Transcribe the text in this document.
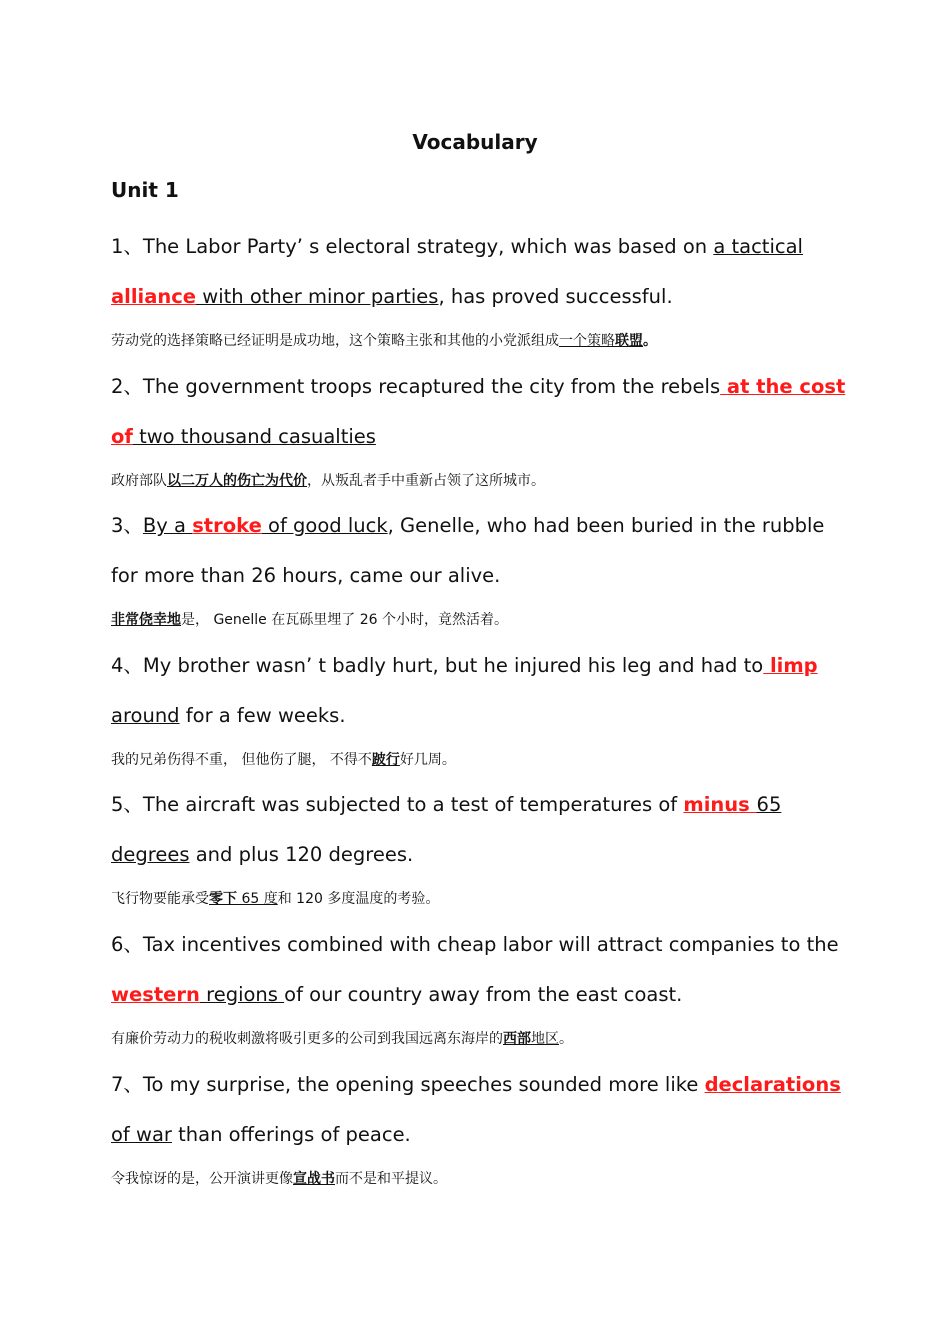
Vocabulary
Unit 1
1、The Labor Party’ s electoral strategy, which was based on a tactical
alliance with other minor parties, has proved successful.
劳动党的选择策略已经证明是成功地，这个策略主张和其他的小党派组成一个策略联盟。
2、The government troops recaptured the city from the rebels at the cost
of two thousand casualties
政府部队以二万人的伤亡为代价，从叛乱者手中重新占领了这所城市。
3、By a stroke of good luck, Genelle, who had been buried in the rubble
for more than 26 hours, came our alive.
非常侥幸地是， Genelle 在瓦砾里埋了 26 个小时，竟然活着。
4、My brother wasn’ t badly hurt, but he injured his leg and had to limp
around for a few weeks.
我的兄弟伤得不重， 但他伤了腿， 不得不跛行好几周。
5、The aircraft was subjected to a test of temperatures of minus 65
degrees and plus 120 degrees.
飞行物要能承受零下 65 度和 120 多度温度的考验。
6、Tax incentives combined with cheap labor will attract companies to the
western regions of our country away from the east coast.
有廉价劳动力的税收刺激将吸引更多的公司到我国远离东海岸的西部地区。
7、To my surprise, the opening speeches sounded more like declarations
of war than offerings of peace.
令我惊讶的是，公开演讲更像宣战书而不是和平提议。
